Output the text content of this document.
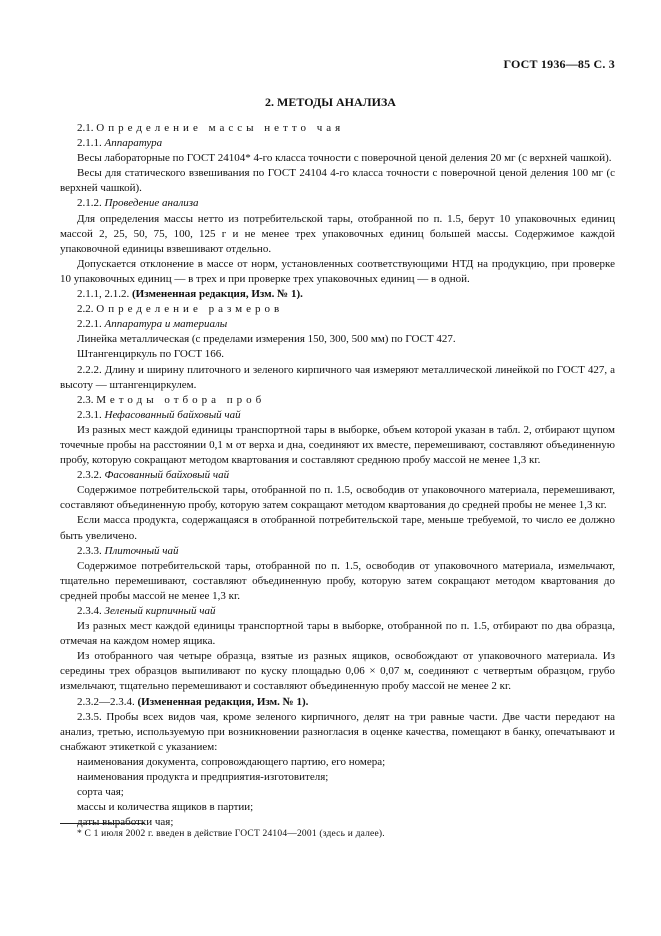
ГОСТ 1936—85 С. 3
2. МЕТОДЫ АНАЛИЗА

2.1. Определение массы нетто чая

2.1.1. Аппаратура

Весы лабораторные по ГОСТ 24104* 4-го класса точности с поверочной ценой деления 20 мг (с верхней чашкой).

Весы для статического взвешивания по ГОСТ 24104 4-го класса точности с поверочной ценой деления 100 мг (с верхней чашкой).

2.1.2. Проведение анализа

Для определения массы нетто из потребительской тары, отобранной по п. 1.5, берут 10 упаковочных единиц массой 2, 25, 50, 75, 100, 125 г и не менее трех упаковочных единиц большей массы. Содержимое каждой упаковочной единицы взвешивают отдельно.

Допускается отклонение в массе от норм, установленных соответствующими НТД на продукцию, при проверке 10 упаковочных единиц — в трех и при проверке трех упаковочных единиц — в одной.

2.1.1, 2.1.2. (Измененная редакция, Изм. № 1).

2.2. Определение размеров

2.2.1. Аппаратура и материалы

Линейка металлическая (с пределами измерения 150, 300, 500 мм) по ГОСТ 427.

Штангенциркуль по ГОСТ 166.

2.2.2. Длину и ширину плиточного и зеленого кирпичного чая измеряют металлической линейкой по ГОСТ 427, а высоту — штангенциркулем.

2.3. Методы отбора проб

2.3.1. Нефасованный байховый чай

Из разных мест каждой единицы транспортной тары в выборке, объем которой указан в табл. 2, отбирают щупом точечные пробы на расстоянии 0,1 м от верха и дна, соединяют их вместе, перемешивают, составляют объединенную пробу, которую сокращают методом квартования и составляют среднюю пробу массой не менее 1,3 кг.

2.3.2. Фасованный байховый чай

Содержимое потребительской тары, отобранной по п. 1.5, освободив от упаковочного материала, перемешивают, составляют объединенную пробу, которую затем сокращают методом квартования до средней пробы не менее 1,3 кг.

Если масса продукта, содержащаяся в отобранной потребительской таре, меньше требуемой, то число ее должно быть увеличено.

2.3.3. Плиточный чай

Содержимое потребительской тары, отобранной по п. 1.5, освободив от упаковочного материала, измельчают, тщательно перемешивают, составляют объединенную пробу, которую затем сокращают методом квартования до средней пробы массой не менее 1,3 кг.

2.3.4. Зеленый кирпичный чай

Из разных мест каждой единицы транспортной тары в выборке, отобранной по п. 1.5, отбирают по два образца, отмечая на каждом номер ящика.

Из отобранного чая четыре образца, взятые из разных ящиков, освобождают от упаковочного материала. Из середины трех образцов выпиливают по куску площадью 0,06 × 0,07 м, соединяют с четвертым образцом, грубо измельчают, тщательно перемешивают и составляют объединенную пробу массой не менее 2 кг.

2.3.2—2.3.4. (Измененная редакция, Изм. № 1).

2.3.5. Пробы всех видов чая, кроме зеленого кирпичного, делят на три равные части. Две части передают на анализ, третью, используемую при возникновении разногласия в оценке качества, помещают в банку, опечатывают и снабжают этикеткой с указанием:

наименования документа, сопровождающего партию, его номера;

наименования продукта и предприятия-изготовителя;

сорта чая;

массы и количества ящиков в партии;

даты выработки чая;

* С 1 июля 2002 г. введен в действие ГОСТ 24104—2001 (здесь и далее).
